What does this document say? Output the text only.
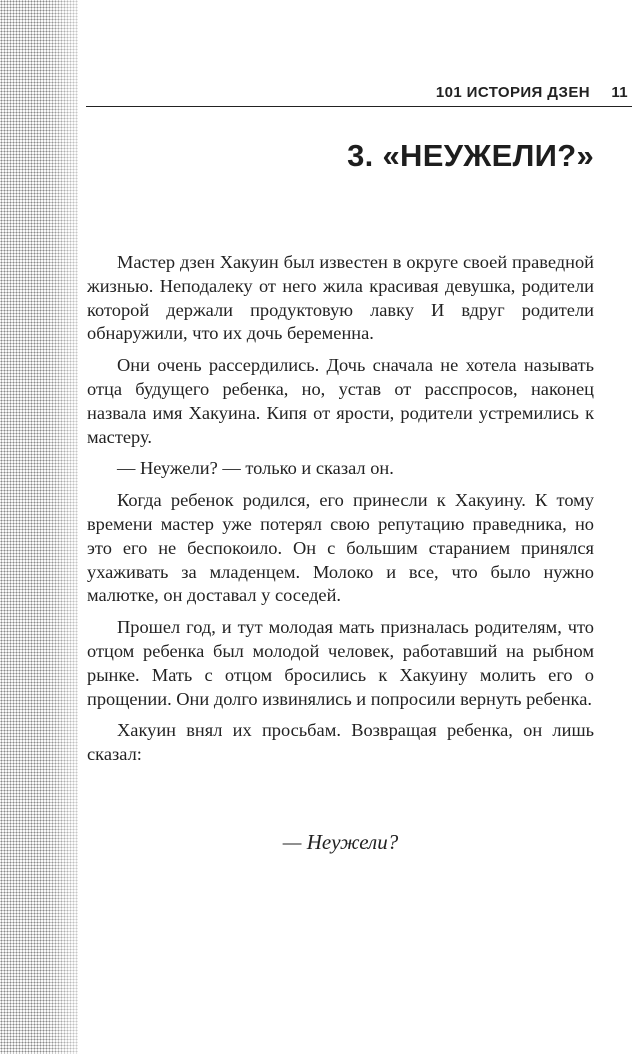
101 ИСТОРИЯ ДЗЕН 11
3. «НЕУЖЕЛИ?»

Мастер дзен Хакуин был известен в округе своей праведной жизнью. Неподалеку от него жила красивая девушка, родители которой держали продуктовую лавку И вдруг родители обнаружили, что их дочь беременна.

Они очень рассердились. Дочь сначала не хотела называть отца будущего ребенка, но, устав от расспросов, наконец назвала имя Хакуина. Кипя от ярости, родители устремились к мастеру.

— Неужели? — только и сказал он.

Когда ребенок родился, его принесли к Хакуину. К тому времени мастер уже потерял свою репутацию праведника, но это его не беспокоило. Он с большим старанием принялся ухаживать за младенцем. Молоко и все, что было нужно малютке, он доставал у соседей.

Прошел год, и тут молодая мать призналась родителям, что отцом ребенка был молодой человек, работавший на рыбном рынке. Мать с отцом бросились к Хакуину молить его о прощении. Они долго извинялись и попросили вернуть ребенка.

Хакуин внял их просьбам. Возвращая ребенка, он лишь сказал:

— Неужели?
